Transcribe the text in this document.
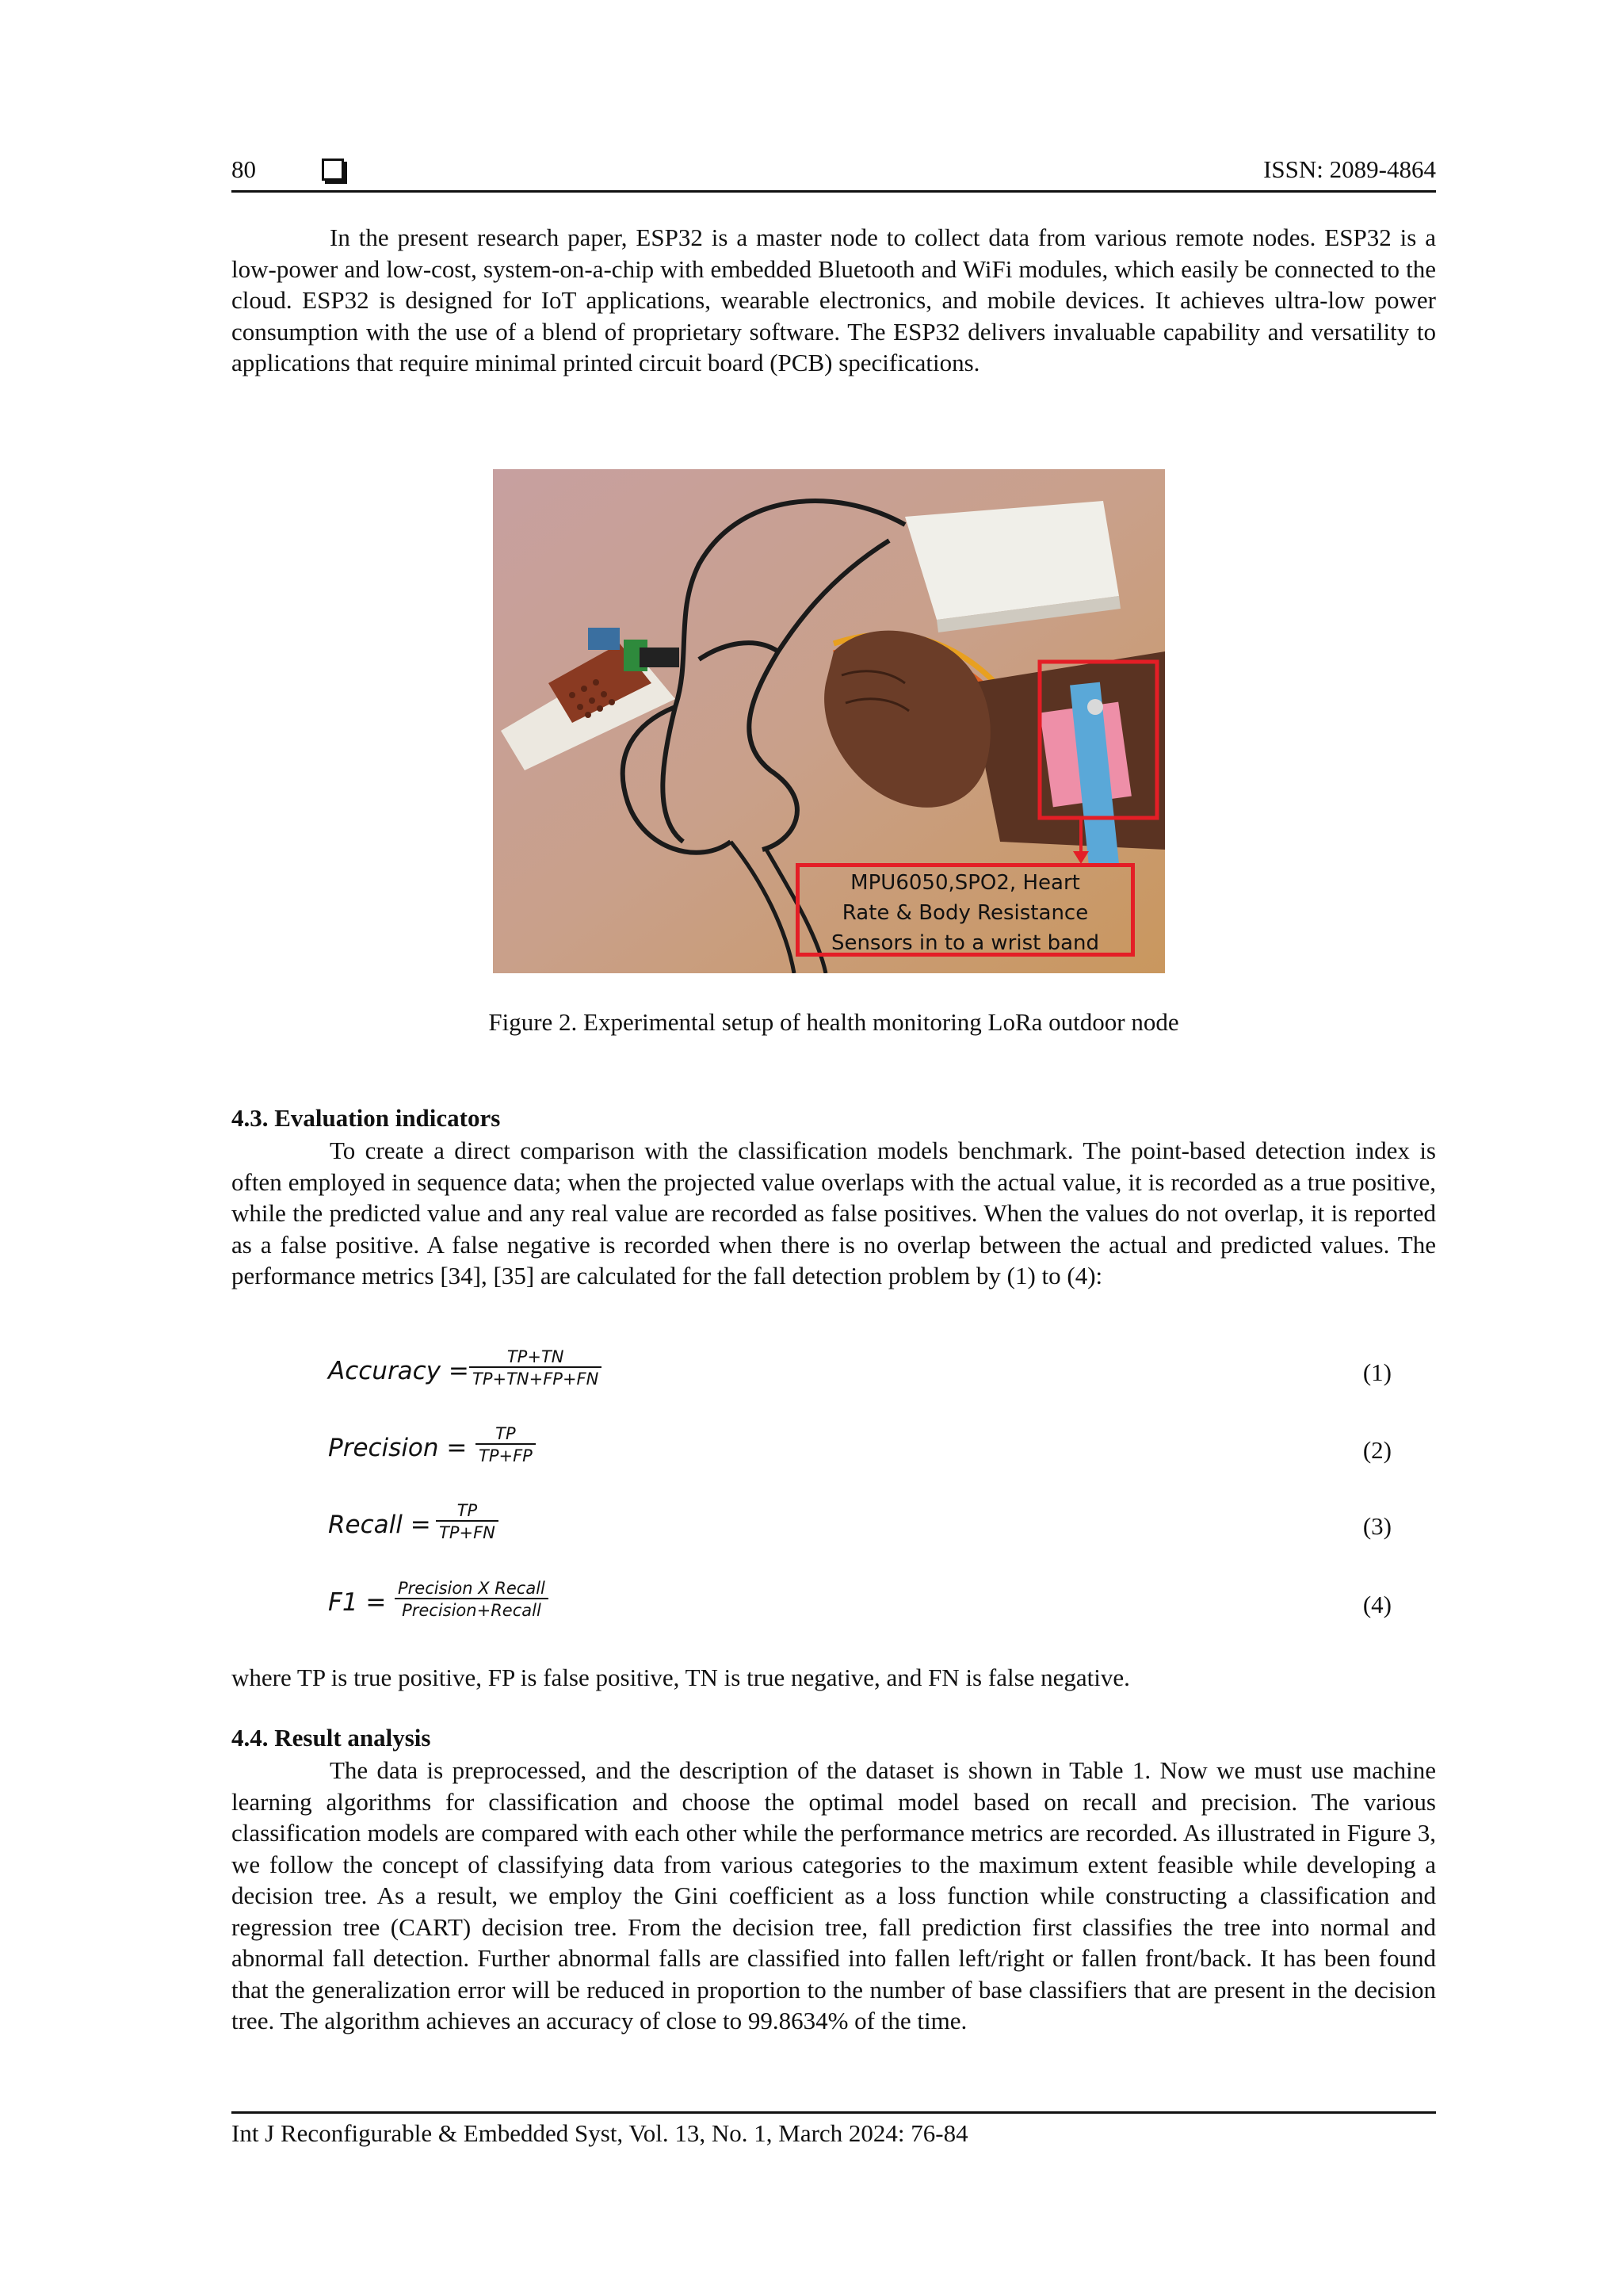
80	ISSN: 2089-4864

In the present research paper, ESP32 is a master node to collect data from various remote nodes. ESP32 is a low-power and low-cost, system-on-a-chip with embedded Bluetooth and WiFi modules, which easily be connected to the cloud. ESP32 is designed for IoT applications, wearable electronics, and mobile devices. It achieves ultra-low power consumption with the use of a blend of proprietary software. The ESP32 delivers invaluable capability and versatility to applications that require minimal printed circuit board (PCB) specifications.

MPU6050,SPO2, Heart
Rate & Body Resistance
Sensors in to a wrist band
Figure 2. Experimental setup of health monitoring LoRa outdoor node
4.3. Evaluation indicators

To create a direct comparison with the classification models benchmark. The point-based detection index is often employed in sequence data; when the projected value overlaps with the actual value, it is recorded as a true positive, while the predicted value and any real value are recorded as false positives. When the values do not overlap, it is reported as a false positive. A false negative is recorded when there is no overlap between the actual and predicted values. The performance metrics [34], [35] are calculated for the fall detection problem by (1) to (4):

Accuracy = $\frac{TP+TN}{TP+TN+FP+FN}$	(1)
Precision = $\frac{TP}{TP+FP}$	(2)
Recall = $\frac{TP}{TP+FN}$	(3)
F1 = Precision X Recall
Precision+Recall	(4)
where TP is true positive, FP is false positive, TN is true negative, and FN is false negative.
4.4. Result analysis

The data is preprocessed, and the description of the dataset is shown in Table 1. Now we must use machine learning algorithms for classification and choose the optimal model based on recall and precision. The various classification models are compared with each other while the performance metrics are recorded. As illustrated in Figure 3, we follow the concept of classifying data from various categories to the maximum extent feasible while developing a decision tree. As a result, we employ the Gini coefficient as a loss function while constructing a classification and regression tree (CART) decision tree. From the decision tree, fall prediction first classifies the tree into normal and abnormal fall detection. Further abnormal falls are classified into fallen left/right or fallen front/back. It has been found that the generalization error will be reduced in proportion to the number of base classifiers that are present in the decision tree. The algorithm achieves an accuracy of close to 99.8634% of the time.

Int J Reconfigurable & Embedded Syst, Vol. 13, No. 1, March 2024: 76-84
